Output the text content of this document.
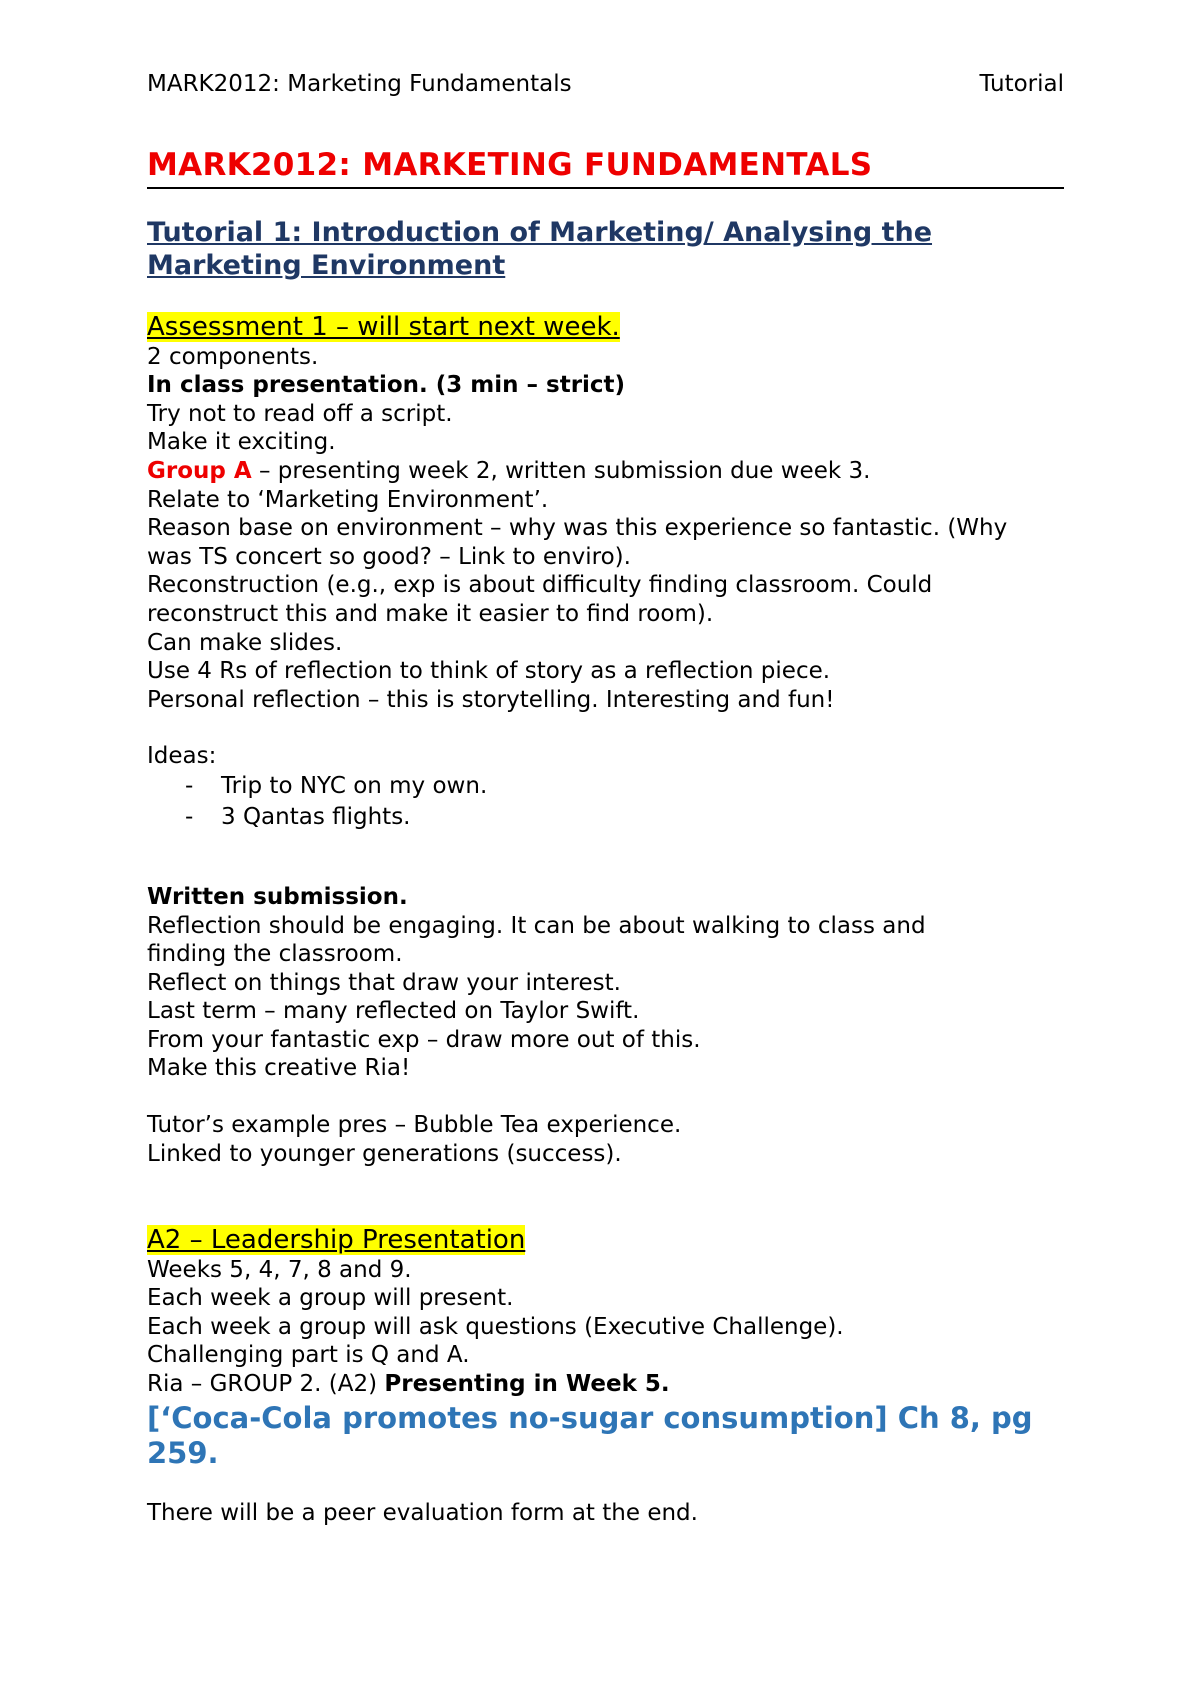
MARK2012: Marketing Fundamentals	Tutorial
MARK2012: MARKETING FUNDAMENTALS
Tutorial 1: Introduction of Marketing/ Analysing the
Marketing Environment
Assessment 1 – will start next week.
2 components.
In class presentation. (3 min – strict)
Try not to read off a script.
Make it exciting.
Group A – presenting week 2, written submission due week 3.
Relate to ‘Marketing Environment’.
Reason base on environment – why was this experience so fantastic. (Why
was TS concert so good? – Link to enviro).
Reconstruction (e.g., exp is about difficulty finding classroom. Could
reconstruct this and make it easier to find room).
Can make slides.
Use 4 Rs of reflection to think of story as a reflection piece.
Personal reflection – this is storytelling. Interesting and fun!
Ideas:
- Trip to NYC on my own.
- 3 Qantas flights.
Written submission.
Reflection should be engaging. It can be about walking to class and
finding the classroom.
Reflect on things that draw your interest.
Last term – many reflected on Taylor Swift.
From your fantastic exp – draw more out of this.
Make this creative Ria!
Tutor’s example pres – Bubble Tea experience.
Linked to younger generations (success).
A2 – Leadership Presentation
Weeks 5, 4, 7, 8 and 9.
Each week a group will present.
Each week a group will ask questions (Executive Challenge).
Challenging part is Q and A.
Ria – GROUP 2. (A2) Presenting in Week 5.
[‘Coca-Cola promotes no-sugar consumption] Ch 8, pg
259.
There will be a peer evaluation form at the end.
